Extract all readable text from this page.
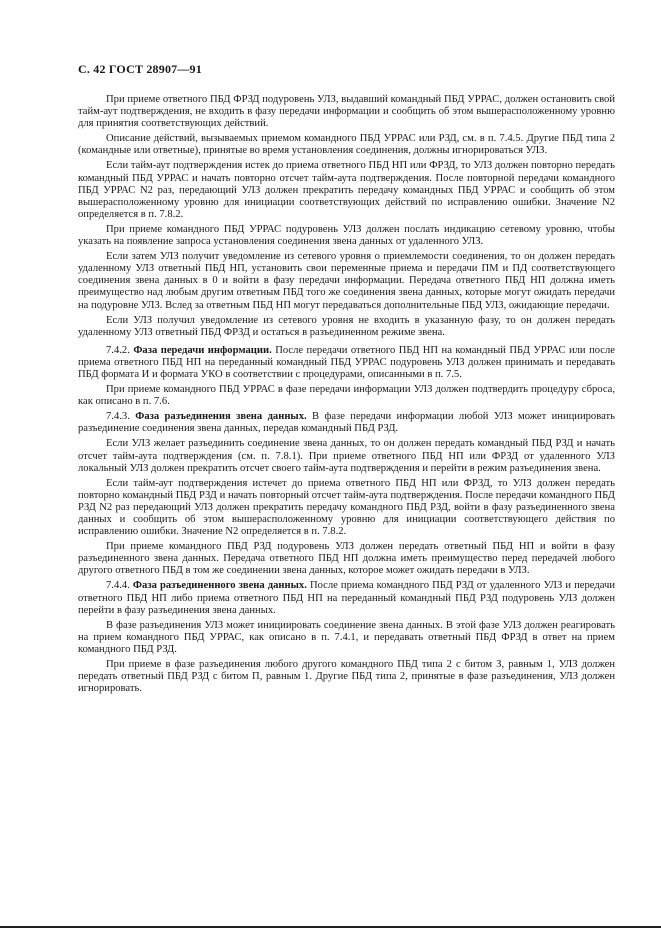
С. 42 ГОСТ 28907—91

При приеме ответного ПБД ФРЗД подуровень УЛЗ, выдавший командный ПБД УРРАС, должен остановить свой тайм-аут подтверждения, не входить в фазу передачи информации и сообщить об этом вышерасположенному уровню для принятия соответствующих действий.

Описание действий, вызываемых приемом командного ПБД УРРАС или РЗД, см. в п. 7.4.5. Другие ПБД типа 2 (командные или ответные), принятые во время установления соединения, должны игнорироваться УЛЗ.

Если тайм-аут подтверждения истек до приема ответного ПБД НП или ФРЗД, то УЛЗ должен повторно передать командный ПБД УРРАС и начать повторно отсчет тайм-аута подтверждения. После повторной передачи командного ПБД УРРАС N2 раз, передающий УЛЗ должен прекратить передачу командных ПБД УРРАС и сообщить об этом вышерасположенному уровню для инициации соответствующих действий по исправлению ошибки. Значение N2 определяется в п. 7.8.2.

При приеме командного ПБД УРРАС подуровень УЛЗ должен послать индикацию сетевому уровню, чтобы указать на появление запроса установления соединения звена данных от удаленного УЛЗ.

Если затем УЛЗ получит уведомление из сетевого уровня о приемлемости соединения, то он должен передать удаленному УЛЗ ответный ПБД НП, установить свои переменные приема и передачи ПМ и ПД соответствующего соединения звена данных в 0 и войти в фазу передачи информации. Передача ответного ПБД НП должна иметь преимущество над любым другим ответным ПБД того же соединения звена данных, которые могут ожидать передачи на подуровне УЛЗ. Вслед за ответным ПБД НП могут передаваться дополнительные ПБД УЛЗ, ожидающие передачи.

Если УЛЗ получил уведомление из сетевого уровня не входить в указанную фазу, то он должен передать удаленному УЛЗ ответный ПБД ФРЗД и остаться в разъединенном режиме звена.

7.4.2. Фаза передачи информации. После передачи ответного ПБД НП на командный ПБД УРРАС или после приема ответного ПБД НП на переданный командный ПБД УРРАС подуровень УЛЗ должен принимать и передавать ПБД формата И и формата УКО в соответствии с процедурами, описанными в п. 7.5.

При приеме командного ПБД УРРАС в фазе передачи информации УЛЗ должен подтвердить процедуру сброса, как описано в п. 7.6.

7.4.3. Фаза разъединения звена данных. В фазе передачи информации любой УЛЗ может инициировать разъединение соединения звена данных, передав командный ПБД РЗД.

Если УЛЗ желает разъединить соединение звена данных, то он должен передать командный ПБД РЗД и начать отсчет тайм-аута подтверждения (см. п. 7.8.1). При приеме ответного ПБД НП или ФРЗД от удаленного УЛЗ локальный УЛЗ должен прекратить отсчет своего тайм-аута подтверждения и перейти в режим разъединения звена.

Если тайм-аут подтверждения истечет до приема ответного ПБД НП или ФРЗД, то УЛЗ должен передать повторно командный ПБД РЗД и начать повторный отсчет тайм-аута подтверждения. После передачи командного ПБД РЗД N2 раз передающий УЛЗ должен прекратить передачу командного ПБД РЗД, войти в фазу разъединенного звена данных и сообщить об этом вышерасположенному уровню для инициации соответствующего действия по исправлению ошибки. Значение N2 определяется в п. 7.8.2.

При приеме командного ПБД РЗД подуровень УЛЗ должен передать ответный ПБД НП и войти в фазу разъединенного звена данных. Передача ответного ПБД НП должна иметь преимущество перед передачей любого другого ответного ПБД в том же соединении звена данных, которое может ожидать передачи в УЛЗ.

7.4.4. Фаза разъединенного звена данных. После приема командного ПБД РЗД от удаленного УЛЗ и передачи ответного ПБД НП либо приема ответного ПБД НП на переданный командный ПБД РЗД подуровень УЛЗ должен перейти в фазу разъединения звена данных.

В фазе разъединения УЛЗ может инициировать соединение звена данных. В этой фазе УЛЗ должен реагировать на прием командного ПБД УРРАС, как описано в п. 7.4.1, и передавать ответный ПБД ФРЗД в ответ на прием командного ПБД РЗД.

При приеме в фазе разъединения любого другого командного ПБД типа 2 с битом З, равным 1, УЛЗ должен передать ответный ПБД РЗД с битом П, равным 1. Другие ПБД типа 2, принятые в фазе разъединения, УЛЗ должен игнорировать.
